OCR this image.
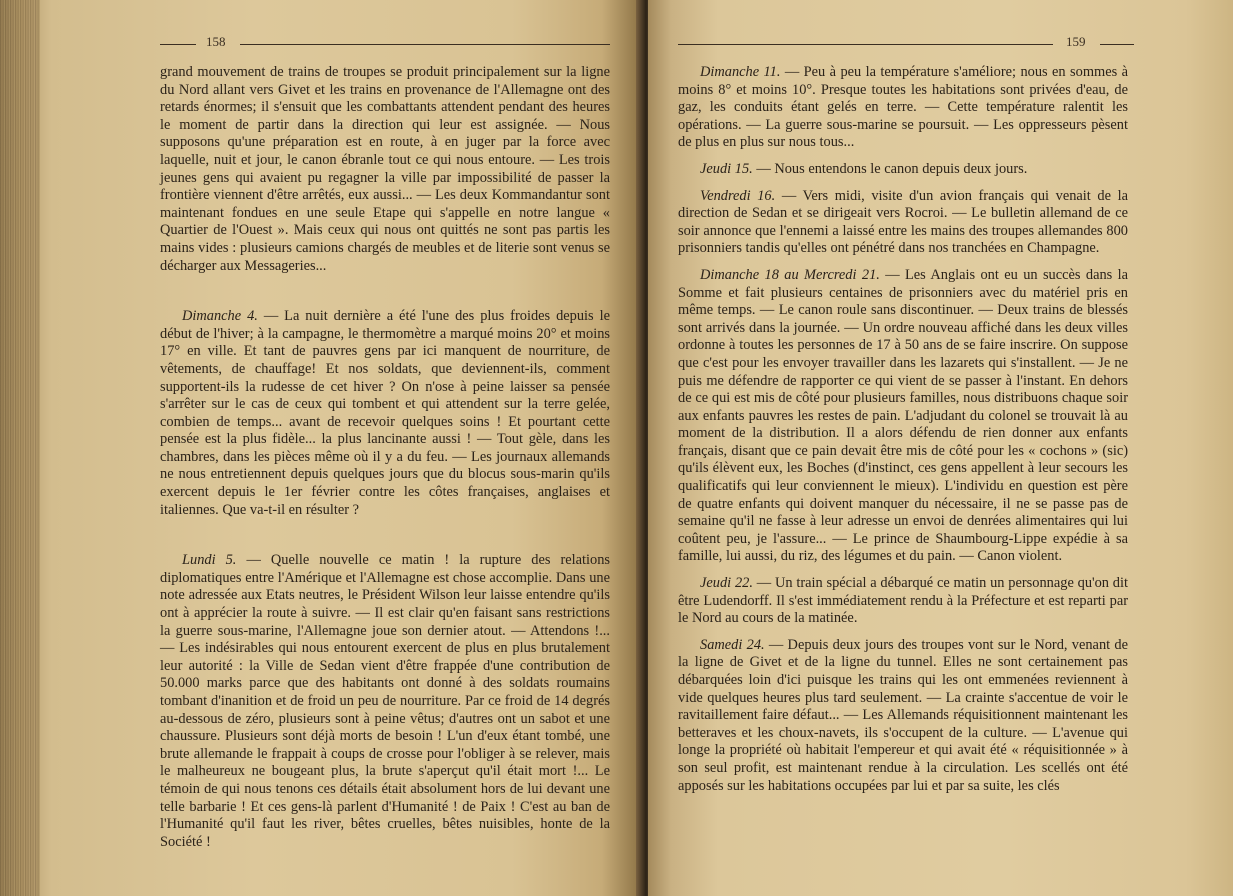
158

grand mouvement de trains de troupes se produit principalement sur la ligne du Nord allant vers Givet et les trains en provenance de l'Allemagne ont des retards énormes; il s'ensuit que les combattants attendent pendant des heures le moment de partir dans la direction qui leur est assignée. — Nous supposons qu'une préparation est en route, à en juger par la force avec laquelle, nuit et jour, le canon ébranle tout ce qui nous entoure. — Les trois jeunes gens qui avaient pu regagner la ville par impossibilité de passer la frontière viennent d'être arrêtés, eux aussi... — Les deux Kommandantur sont maintenant fondues en une seule Etape qui s'appelle en notre langue « Quartier de l'Ouest ». Mais ceux qui nous ont quittés ne sont pas partis les mains vides : plusieurs camions chargés de meubles et de literie sont venus se décharger aux Messageries...

Dimanche 4. — La nuit dernière a été l'une des plus froides depuis le début de l'hiver; à la campagne, le thermomètre a marqué moins 20° et moins 17° en ville. Et tant de pauvres gens par ici manquent de nourriture, de vêtements, de chauffage! Et nos soldats, que deviennent-ils, comment supportent-ils la rudesse de cet hiver ? On n'ose à peine laisser sa pensée s'arrêter sur le cas de ceux qui tombent et qui attendent sur la terre gelée, combien de temps... avant de recevoir quelques soins ! Et pourtant cette pensée est la plus fidèle... la plus lancinante aussi ! — Tout gèle, dans les chambres, dans les pièces même où il y a du feu. — Les journaux allemands ne nous entretiennent depuis quelques jours que du blocus sous-marin qu'ils exercent depuis le 1er février contre les côtes françaises, anglaises et italiennes. Que va-t-il en résulter ?

Lundi 5. — Quelle nouvelle ce matin ! la rupture des relations diplomatiques entre l'Amérique et l'Allemagne est chose accomplie. Dans une note adressée aux Etats neutres, le Président Wilson leur laisse entendre qu'ils ont à apprécier la route à suivre. — Il est clair qu'en faisant sans restrictions la guerre sous-marine, l'Allemagne joue son dernier atout. — Attendons !... — Les indésirables qui nous entourent exercent de plus en plus brutalement leur autorité : la Ville de Sedan vient d'être frappée d'une contribution de 50.000 marks parce que des habitants ont donné à des soldats roumains tombant d'inanition et de froid un peu de nourriture. Par ce froid de 14 degrés au-dessous de zéro, plusieurs sont à peine vêtus; d'autres ont un sabot et une chaussure. Plusieurs sont déjà morts de besoin ! L'un d'eux étant tombé, une brute allemande le frappait à coups de crosse pour l'obliger à se relever, mais le malheureux ne bougeant plus, la brute s'aperçut qu'il était mort !... Le témoin de qui nous tenons ces détails était absolument hors de lui devant une telle barbarie ! Et ces gens-là parlent d'Humanité ! de Paix ! C'est au ban de l'Humanité qu'il faut les river, bêtes cruelles, bêtes nuisibles, honte de la Société !

159

Dimanche 11. — Peu à peu la température s'améliore; nous en sommes à moins 8° et moins 10°. Presque toutes les habitations sont privées d'eau, de gaz, les conduits étant gelés en terre. — Cette température ralentit les opérations. — La guerre sous-marine se poursuit. — Les oppresseurs pèsent de plus en plus sur nous tous...

Jeudi 15. — Nous entendons le canon depuis deux jours.

Vendredi 16. — Vers midi, visite d'un avion français qui venait de la direction de Sedan et se dirigeait vers Rocroi. — Le bulletin allemand de ce soir annonce que l'ennemi a laissé entre les mains des troupes allemandes 800 prisonniers tandis qu'elles ont pénétré dans nos tranchées en Champagne.

Dimanche 18 au Mercredi 21. — Les Anglais ont eu un succès dans la Somme et fait plusieurs centaines de prisonniers avec du matériel pris en même temps. — Le canon roule sans discontinuer. — Deux trains de blessés sont arrivés dans la journée. — Un ordre nouveau affiché dans les deux villes ordonne à toutes les personnes de 17 à 50 ans de se faire inscrire. On suppose que c'est pour les envoyer travailler dans les lazarets qui s'installent. — Je ne puis me défendre de rapporter ce qui vient de se passer à l'instant. En dehors de ce qui est mis de côté pour plusieurs familles, nous distribuons chaque soir aux enfants pauvres les restes de pain. L'adjudant du colonel se trouvait là au moment de la distribution. Il a alors défendu de rien donner aux enfants français, disant que ce pain devait être mis de côté pour les « cochons » (sic) qu'ils élèvent eux, les Boches (d'instinct, ces gens appellent à leur secours les qualificatifs qui leur conviennent le mieux). L'individu en question est père de quatre enfants qui doivent manquer du nécessaire, il ne se passe pas de semaine qu'il ne fasse à leur adresse un envoi de denrées alimentaires qui lui coûtent peu, je l'assure... — Le prince de Shaumbourg-Lippe expédie à sa famille, lui aussi, du riz, des légumes et du pain. — Canon violent.

Jeudi 22. — Un train spécial a débarqué ce matin un personnage qu'on dit être Ludendorff. Il s'est immédiatement rendu à la Préfecture et est reparti par le Nord au cours de la matinée.

Samedi 24. — Depuis deux jours des troupes vont sur le Nord, venant de la ligne de Givet et de la ligne du tunnel. Elles ne sont certainement pas débarquées loin d'ici puisque les trains qui les ont emmenées reviennent à vide quelques heures plus tard seulement. — La crainte s'accentue de voir le ravitaillement faire défaut... — Les Allemands réquisitionnent maintenant les betteraves et les choux-navets, ils s'occupent de la culture. — L'avenue qui longe la propriété où habitait l'empereur et qui avait été « réquisitionnée » à son seul profit, est maintenant rendue à la circulation. Les scellés ont été apposés sur les habitations occupées par lui et par sa suite, les clés
